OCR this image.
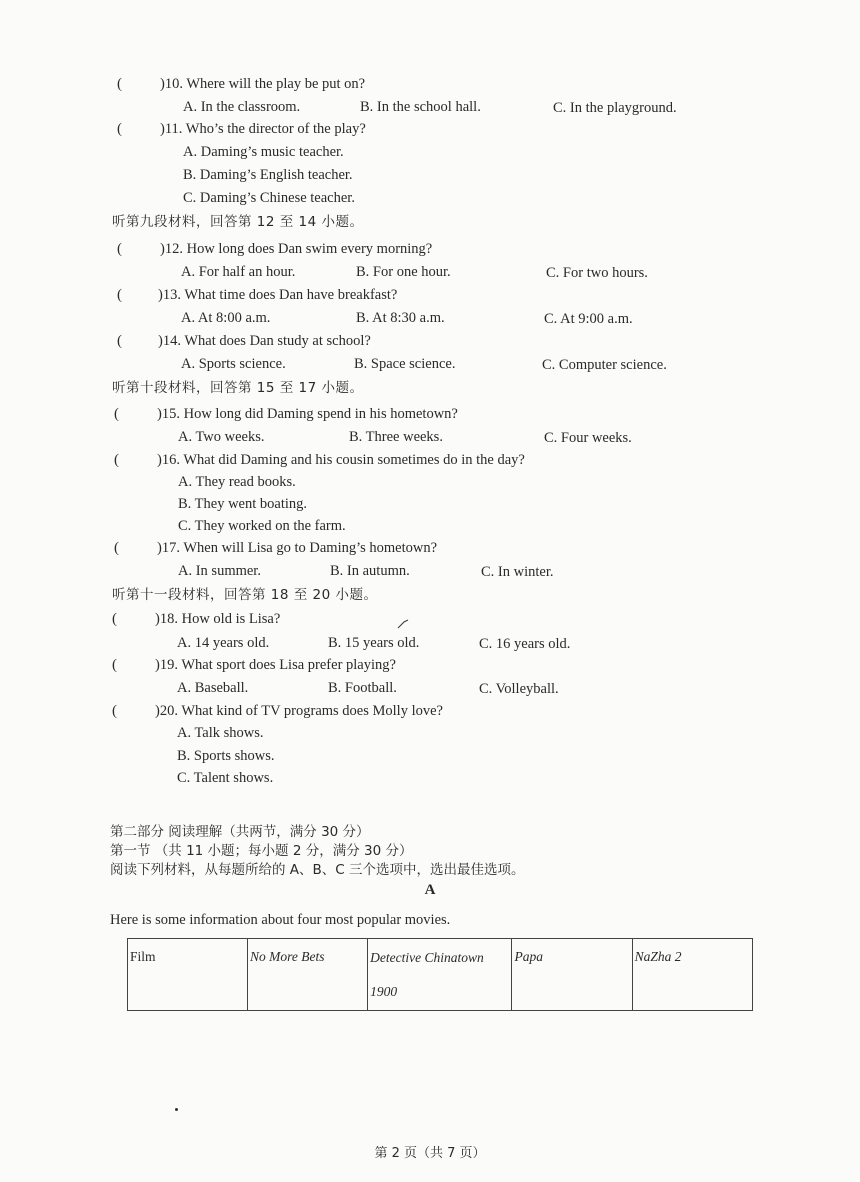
(	)10. Where will the play be put on?
A. In the classroom.	B. In the school hall.	C. In the playground.
(	)11. Who’s the director of the play?
A. Daming’s music teacher.
B. Daming’s English teacher.
C. Daming’s Chinese teacher.
听第九段材料，回答第 12 至 14 小题。
(	)12. How long does Dan swim every morning?
A. For half an hour.	B. For one hour.	C. For two hours.
( )13. What time does Dan have breakfast?
A. At 8:00 a.m.	B. At 8:30 a.m.	C. At 9:00 a.m.
( )14. What does Dan study at school?
A. Sports science.	B. Space science.	C. Computer science.
听第十段材料，回答第 15 至 17 小题。
(	)15. How long did Daming spend in his hometown?
A. Two weeks.	B. Three weeks.	C. Four weeks.
(	)16. What did Daming and his cousin sometimes do in the day?
A. They read books.
B. They went boating.
C. They worked on the farm.
(	)17. When will Lisa go to Daming’s hometown?
A. In summer.	B. In autumn.	C. In winter.
听第十一段材料，回答第 18 至 20 小题。
(	)18. How old is Lisa?
A. 14 years old.	B. 15 years old.	C. 16 years old.
(	)19. What sport does Lisa prefer playing?
A. Baseball.	B. Football.	C. Volleyball.
(	)20. What kind of TV programs does Molly love?
A. Talk shows.
B. Sports shows.
C. Talent shows.
第二部分 阅读理解（共两节，满分 30 分）
第一节 （共 11 小题；每小题 2 分，满分 30 分）
阅读下列材料，从每题所给的 A、B、C 三个选项中，选出最佳选项。
A
Here is some information about four most popular movies.
Film	No More Bets	Detective Chinatown 1900	Papa	NaZha 2
第 2 页（共 7 页）
